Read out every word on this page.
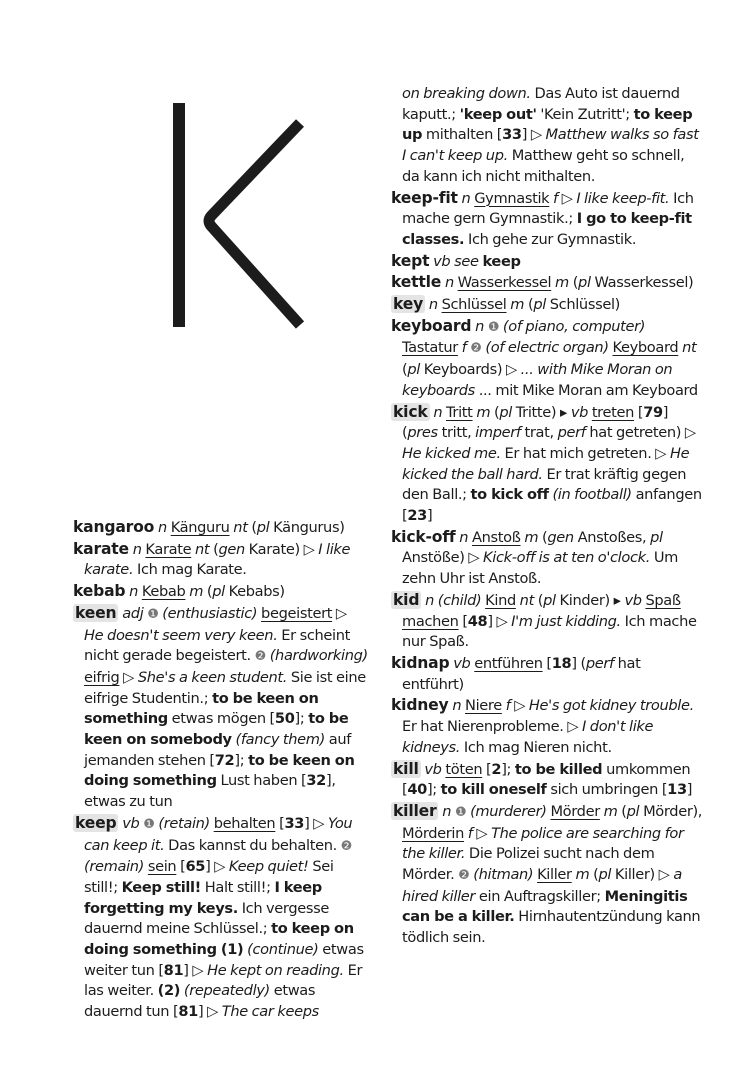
kangaroo n Känguru nt (pl Kängurus)

karate n Karate nt (gen Karate) ▷ I like karate. Ich mag Karate.

kebab n Kebab m (pl Kebabs)

keen adj ❶ (enthusiastic) begeistert ▷ He doesn't seem very keen. Er scheint nicht gerade begeistert. ❷ (hardworking) eifrig ▷ She's a keen student. Sie ist eine eifrige Studentin.; to be keen on something etwas mögen [50]; to be keen on somebody (fancy them) auf jemanden stehen [72]; to be keen on doing something Lust haben [32], etwas zu tun

keep vb ❶ (retain) behalten [33] ▷ You can keep it. Das kannst du behalten. ❷ (remain) sein [65] ▷ Keep quiet! Sei still!; Keep still! Halt still!; I keep forgetting my keys. Ich vergesse dauernd meine Schlüssel.; to keep on doing something (1) (continue) etwas weiter tun [81] ▷ He kept on reading. Er las weiter. (2) (repeatedly) etwas dauernd tun [81] ▷ The car keeps

on breaking down. Das Auto ist dauernd kaputt.; 'keep out' 'Kein Zutritt'; to keep up mithalten [33] ▷ Matthew walks so fast I can't keep up. Matthew geht so schnell, da kann ich nicht mithalten.

keep-fit n Gymnastik f ▷ I like keep-fit. Ich mache gern Gymnastik.; I go to keep-fit classes. Ich gehe zur Gymnastik.

kept vb see keep

kettle n Wasserkessel m (pl Wasserkessel)

key n Schlüssel m (pl Schlüssel)

keyboard n ❶ (of piano, computer) Tastatur f ❷ (of electric organ) Keyboard nt (pl Keyboards) ▷ ... with Mike Moran on keyboards ... mit Mike Moran am Keyboard

kick n Tritt m (pl Tritte) ▸ vb treten [79] (pres tritt, imperf trat, perf hat getreten) ▷ He kicked me. Er hat mich getreten. ▷ He kicked the ball hard. Er trat kräftig gegen den Ball.; to kick off (in football) anfangen [23]

kick-off n Anstoß m (gen Anstoßes, pl Anstöße) ▷ Kick-off is at ten o'clock. Um zehn Uhr ist Anstoß.

kid n (child) Kind nt (pl Kinder) ▸ vb Spaß machen [48] ▷ I'm just kidding. Ich mache nur Spaß.

kidnap vb entführen [18] (perf hat entführt)

kidney n Niere f ▷ He's got kidney trouble. Er hat Nierenprobleme. ▷ I don't like kidneys. Ich mag Nieren nicht.

kill vb töten [2]; to be killed umkommen [40]; to kill oneself sich umbringen [13]

killer n ❶ (murderer) Mörder m (pl Mörder), Mörderin f ▷ The police are searching for the killer. Die Polizei sucht nach dem Mörder. ❷ (hitman) Killer m (pl Killer) ▷ a hired killer ein Auftragskiller; Meningitis can be a killer. Hirnhautentzündung kann tödlich sein.
